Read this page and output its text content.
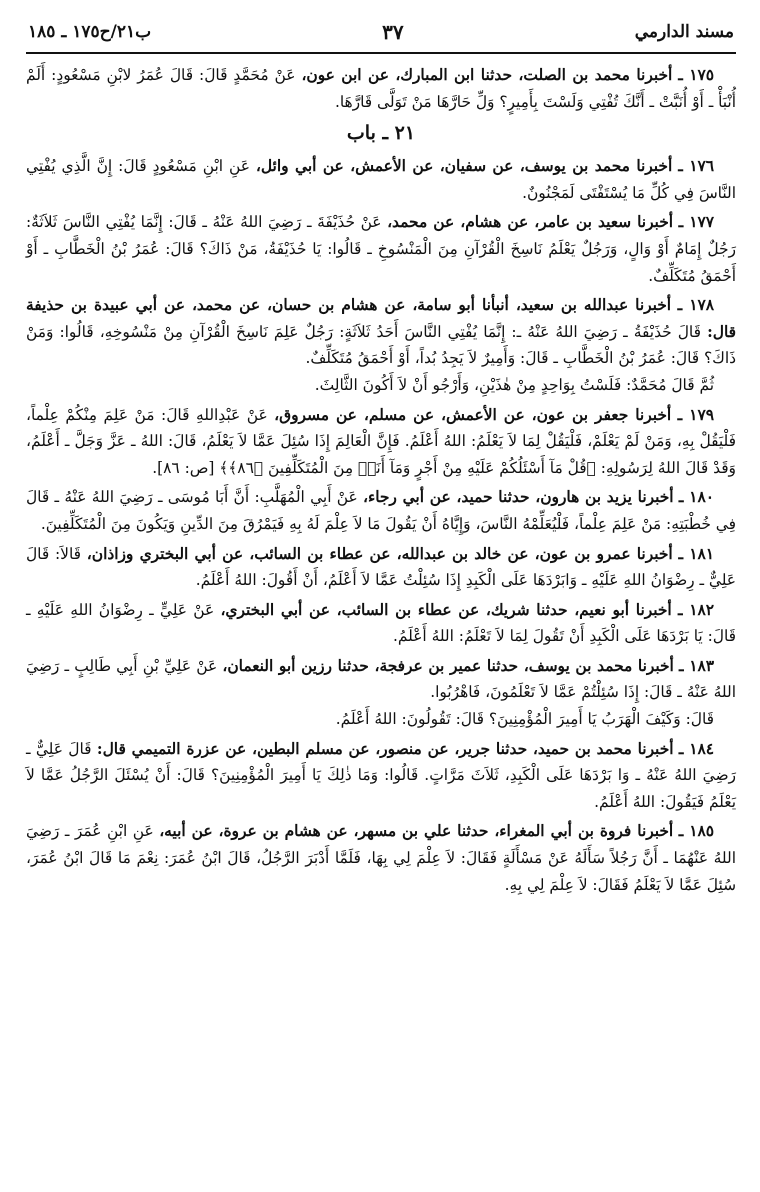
مسند الدارمي
٣٧
ب٢١/ح١٧٥ ـ ١٨٥

١٧٥ ـ أخبرنا محمد بن الصلت، حدثنا ابن المبارك، عن ابن عون، عَنْ مُحَمَّدٍ قَالَ: قَالَ عُمَرُ لابْنِ مَسْعُودٍ: أَلَمْ أُنْبَأْ ـ أَوْ أُنَبَّتْ ـ أَنَّكَ تُفْتِي وَلَسْتَ بِأَمِيرٍ؟ وَلِّ حَارَّهَا مَنْ تَوَلَّى قَارَّهَا.

٢١ ـ باب

١٧٦ ـ أخبرنا محمد بن يوسف، عن سفيان، عن الأعمش، عن أبي وائل، عَنِ ابْنِ مَسْعُودٍ قَالَ: إِنَّ الَّذِي يُفْتِي النَّاسَ فِي كُلِّ مَا يُسْتَفْتَى لَمَجْنُونٌ.

١٧٧ ـ أخبرنا سعيد بن عامر، عن هشام، عن محمد، عَنْ حُذَيْفَةَ ـ رَضِيَ اللهُ عَنْهُ ـ قَالَ: إِنَّمَا يُفْتِي النَّاسَ ثَلاَثَةٌ: رَجُلٌ إِمَامٌ أَوْ وَالٍ، وَرَجُلٌ يَعْلَمُ نَاسِخَ الْقُرْآنِ مِنَ الْمَنْسُوخِ ـ قَالُوا: يَا حُذَيْفَةُ، مَنْ ذَاكَ؟ قَالَ: عُمَرُ بْنُ الْخَطَّابِ ـ أَوْ أَحْمَقُ مُتَكَلِّفٌ.

١٧٨ ـ أخبرنا عبدالله بن سعيد، أنبأنا أبو سامة، عن هشام بن حسان، عن محمد، عن أبي عبيدة بن حذيفة قال: قَالَ حُذَيْفَةُ ـ رَضِيَ اللهُ عَنْهُ ـ: إِنَّمَا يُفْتِي النَّاسَ أَحَدُ ثَلاَثَةٍ: رَجُلٌ عَلِمَ نَاسِخَ الْقُرْآنِ مِنْ مَنْسُوخِهِ، قَالُوا: وَمَنْ ذَاكَ؟ قَالَ: عُمَرُ بْنُ الْخَطَّابِ ـ قَالَ: وَأَمِيرٌ لاَ يَجِدُ بُداً، أَوْ أَحْمَقُ مُتَكَلِّفٌ.
ثُمَّ قَالَ مُحَمَّدٌ: فَلَسْتُ بِوَاحِدٍ مِنْ هٰذَيْنِ، وَأَرْجُو أَنْ لاَ أَكُونَ الثَّالِثَ.

١٧٩ ـ أخبرنا جعفر بن عون، عن الأعمش، عن مسلم، عن مسروق، عَنْ عَبْدِاللهِ قَالَ: مَنْ عَلِمَ مِنْكُمْ عِلْماً، فَلْيَقُلْ بِهِ، وَمَنْ لَمْ يَعْلَمْ، فَلْيَقُلْ لِمَا لاَ يَعْلَمُ: اللهُ أَعْلَمُ. فَإِنَّ الْعَالِمَ إِذَا سُئِلَ عَمَّا لاَ يَعْلَمُ، قَالَ: اللهُ ـ عَزَّ وَجَلَّ ـ أَعْلَمُ، وَقَدْ قَالَ اللهُ لِرَسُولِهِ: ﴿قُلْ مَآ أَسْئَلُكُمْ عَلَيْهِ مِنْ أَجْرٍ وَمَآ أَنَا۠ مِنَ الْمُتَكَلِّفِينَ ﴿٨٦﴾﴾ [ص: ٨٦].

١٨٠ ـ أخبرنا يزيد بن هارون، حدثنا حميد، عن أبي رجاء، عَنْ أَبِي الْمُهَلَّبِ: أَنَّ أَبَا مُوسَى ـ رَضِيَ اللهُ عَنْهُ ـ قَالَ فِي خُطْبَتِهِ: مَنْ عَلِمَ عِلْماً، فَلْيُعَلِّمْهُ النَّاسَ، وَإِيَّاهُ أَنْ يَقُولَ مَا لاَ عِلْمَ لَهُ بِهِ فَيَمْرُقَ مِنَ الدِّينِ وَيَكُونَ مِنَ الْمُتَكَلِّفِينَ.

١٨١ ـ أخبرنا عمرو بن عون، عن خالد بن عبدالله، عن عطاء بن السائب، عن أبي البختري وزاذان، قَالاَ: قَالَ عَلِيٌّ ـ رِضْوَانُ اللهِ عَلَيْهِ ـ وَابَرْدَهَا عَلَى الْكَبِدِ إِذَا سُئِلْتُ عَمَّا لاَ أَعْلَمُ، أَنْ أَقُولَ: اللهُ أَعْلَمُ.

١٨٢ ـ أخبرنا أبو نعيم، حدثنا شريك، عن عطاء بن السائب، عن أبي البختري، عَنْ عَلِيٍّ ـ رِضْوَانُ اللهِ عَلَيْهِ ـ قَالَ: يَا بَرْدَهَا عَلَى الْكَبِدِ أَنْ تَقُولَ لِمَا لاَ تَعْلَمُ: اللهُ أَعْلَمُ.

١٨٣ ـ أخبرنا محمد بن يوسف، حدثنا عمير بن عرفجة، حدثنا رزين أبو النعمان، عَنْ عَلِيِّ بْنِ أَبِي طَالِبٍ ـ رَضِيَ اللهُ عَنْهُ ـ قَالَ: إِذَا سُئِلْتُمْ عَمَّا لاَ تَعْلَمُونَ، فَاهْرُبُوا.
قَالَ: وَكَيْفَ الْهَرَبُ يَا أَمِيرَ الْمُؤْمِنِينَ؟ قَالَ: تَقُولُونَ: اللهُ أَعْلَمُ.

١٨٤ ـ أخبرنا محمد بن حميد، حدثنا جرير، عن منصور، عن مسلم البطين، عن عزرة التميمي قال: قَالَ عَلِيٌّ ـ رَضِيَ اللهُ عَنْهُ ـ وَا بَرْدَهَا عَلَى الْكَبِدِ، ثَلاَثَ مَرَّاتٍ. قَالُوا: وَمَا ذٰلِكَ يَا أَمِيرَ الْمُؤْمِنِينَ؟ قَالَ: أَنْ يُسْئَلَ الرَّجُلُ عَمَّا لاَ يَعْلَمُ فَيَقُولَ: اللهُ أَعْلَمُ.

١٨٥ ـ أخبرنا فروة بن أبي المغراء، حدثنا علي بن مسهر، عن هشام بن عروة، عن أبيه، عَنِ ابْنِ عُمَرَ ـ رَضِيَ اللهُ عَنْهُمَا ـ أَنَّ رَجُلاً سَأَلَهُ عَنْ مَسْأَلَةٍ فَقَالَ: لاَ عِلْمَ لِي بِهَا، فَلَمَّا أَدْبَرَ الرَّجُلُ، قَالَ ابْنُ عُمَرَ: نِعْمَ مَا قَالَ ابْنُ عُمَرَ، سُئِلَ عَمَّا لاَ يَعْلَمُ فَقَالَ: لاَ عِلْمَ لِي بِهِ.
